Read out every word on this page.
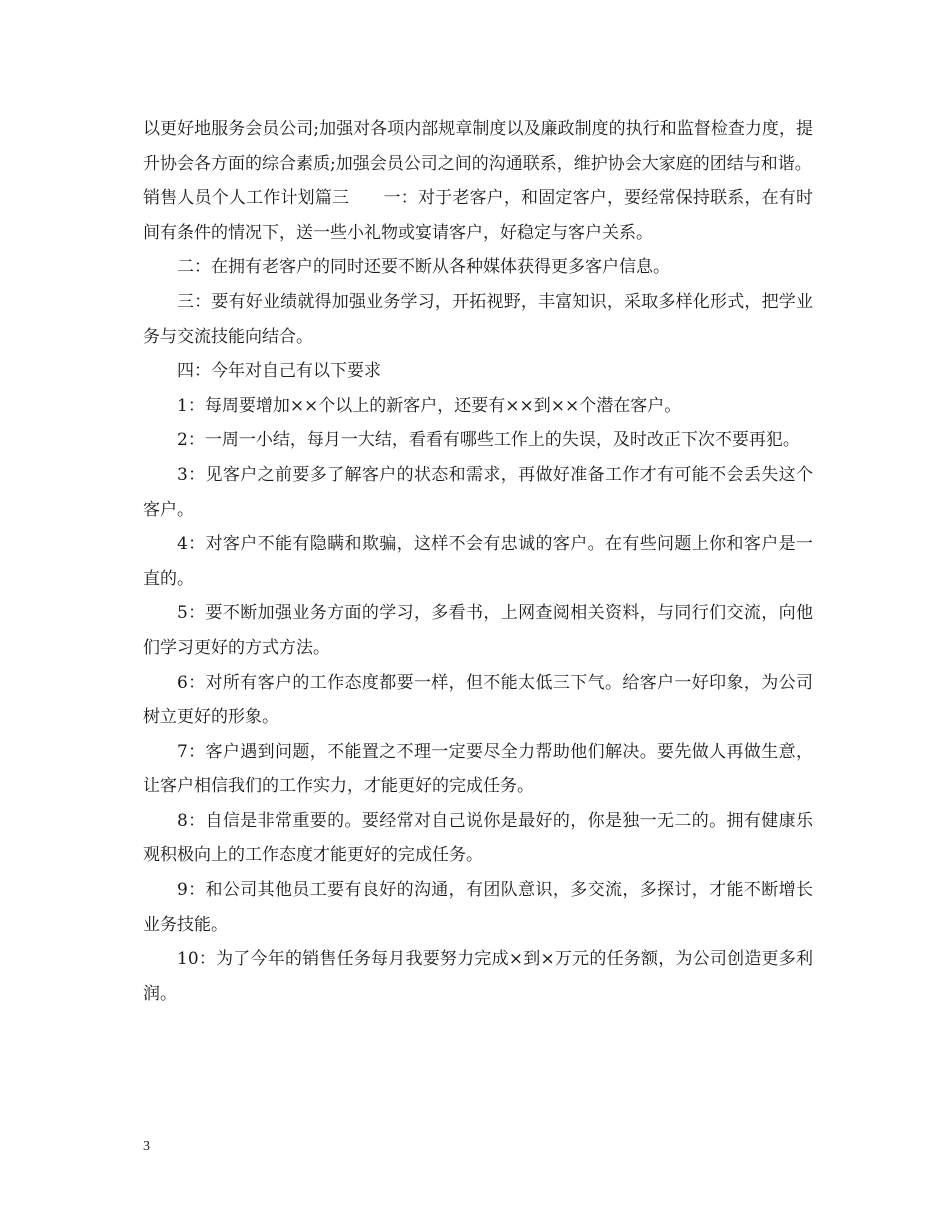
以更好地服务会员公司;加强对各项内部规章制度以及廉政制度的执行和监督检查力度，提升协会各方面的综合素质;加强会员公司之间的沟通联系，维护协会大家庭的团结与和谐。

销售人员个人工作计划篇三　　一：对于老客户，和固定客户，要经常保持联系，在有时间有条件的情况下，送一些小礼物或宴请客户，好稳定与客户关系。

二：在拥有老客户的同时还要不断从各种媒体获得更多客户信息。

三：要有好业绩就得加强业务学习，开拓视野，丰富知识，采取多样化形式，把学业务与交流技能向结合。

四：今年对自己有以下要求

1：每周要增加××个以上的新客户，还要有××到××个潜在客户。

2：一周一小结，每月一大结，看看有哪些工作上的失误，及时改正下次不要再犯。

3：见客户之前要多了解客户的状态和需求，再做好准备工作才有可能不会丢失这个客户。

4：对客户不能有隐瞒和欺骗，这样不会有忠诚的客户。在有些问题上你和客户是一直的。

5：要不断加强业务方面的学习，多看书，上网查阅相关资料，与同行们交流，向他们学习更好的方式方法。

6：对所有客户的工作态度都要一样，但不能太低三下气。给客户一好印象，为公司树立更好的形象。

7：客户遇到问题，不能置之不理一定要尽全力帮助他们解决。要先做人再做生意，让客户相信我们的工作实力，才能更好的完成任务。

8：自信是非常重要的。要经常对自己说你是最好的，你是独一无二的。拥有健康乐观积极向上的工作态度才能更好的完成任务。

9：和公司其他员工要有良好的沟通，有团队意识，多交流，多探讨，才能不断增长业务技能。

10：为了今年的销售任务每月我要努力完成×到×万元的任务额，为公司创造更多利润。

3
